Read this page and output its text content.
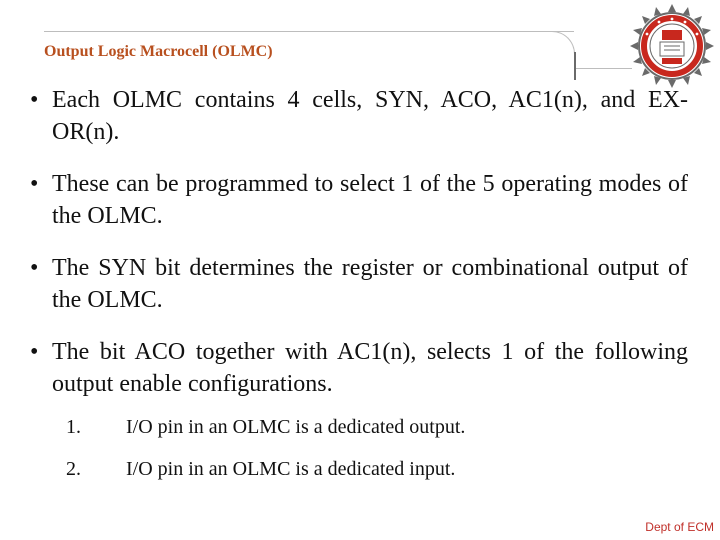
Output Logic Macrocell (OLMC)
• Each OLMC contains 4 cells, SYN, ACO, AC1(n), and EX-OR(n).
• These can be programmed to select 1 of the 5 operating modes of the OLMC.
• The SYN bit determines the register or combinational output of the OLMC.
• The bit ACO together with AC1(n), selects 1 of the following output enable configurations.
1. I/O pin in an OLMC is a dedicated output.
2. I/O pin in an OLMC is a dedicated input.
Dept of ECM
